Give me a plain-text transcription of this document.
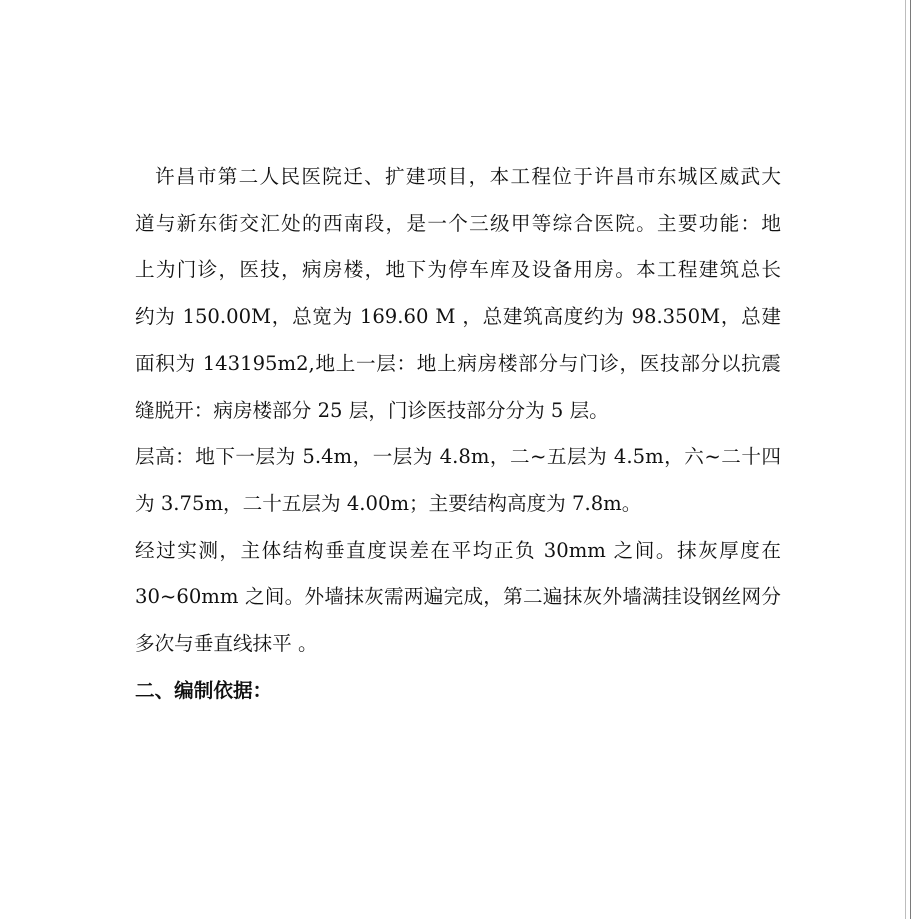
许昌市第二人民医院迁、扩建项目，本工程位于许昌市东城区威武大
道与新东街交汇处的西南段，是一个三级甲等综合医院。主要功能：地
上为门诊，医技，病房楼，地下为停车库及设备用房。本工程建筑总长
约为 150.00M，总宽为 169.60 M ，总建筑高度约为 98.350M，总建
面积为 143195m2,地上一层：地上病房楼部分与门诊，医技部分以抗震
缝脱开：病房楼部分 25 层，门诊医技部分分为 5 层。
层高：地下一层为 5.4m，一层为 4.8m，二~五层为 4.5m，六~二十四
为 3.75m，二十五层为 4.00m；主要结构高度为 7.8m。
经过实测，主体结构垂直度误差在平均正负 30mm 之间。抹灰厚度在
30~60mm 之间。外墙抹灰需两遍完成，第二遍抹灰外墙满挂设钢丝网分
多次与垂直线抹平 。
二、编制依据：
